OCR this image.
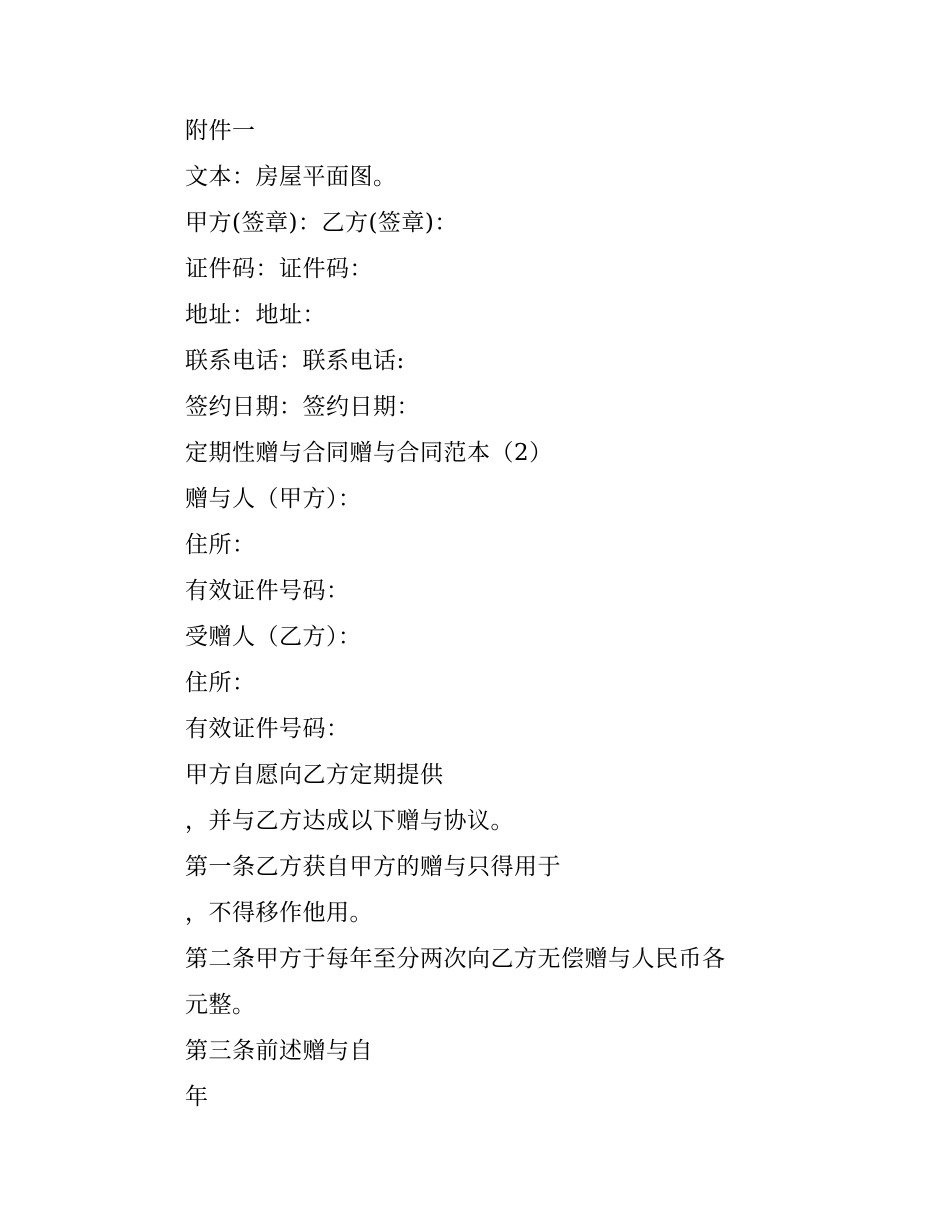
附件一
文本：房屋平面图。
甲方(签章)：乙方(签章)：
证件码：证件码：
地址：地址：
联系电话：联系电话:
签约日期：签约日期：
定期性赠与合同赠与合同范本（2）
赠与人（甲方）：
住所：
有效证件号码：
受赠人（乙方）：
住所：
有效证件号码：
甲方自愿向乙方定期提供
，并与乙方达成以下赠与协议。
第一条乙方获自甲方的赠与只得用于
，不得移作他用。
第二条甲方于每年至分两次向乙方无偿赠与人民币各
元整。
第三条前述赠与自
年
